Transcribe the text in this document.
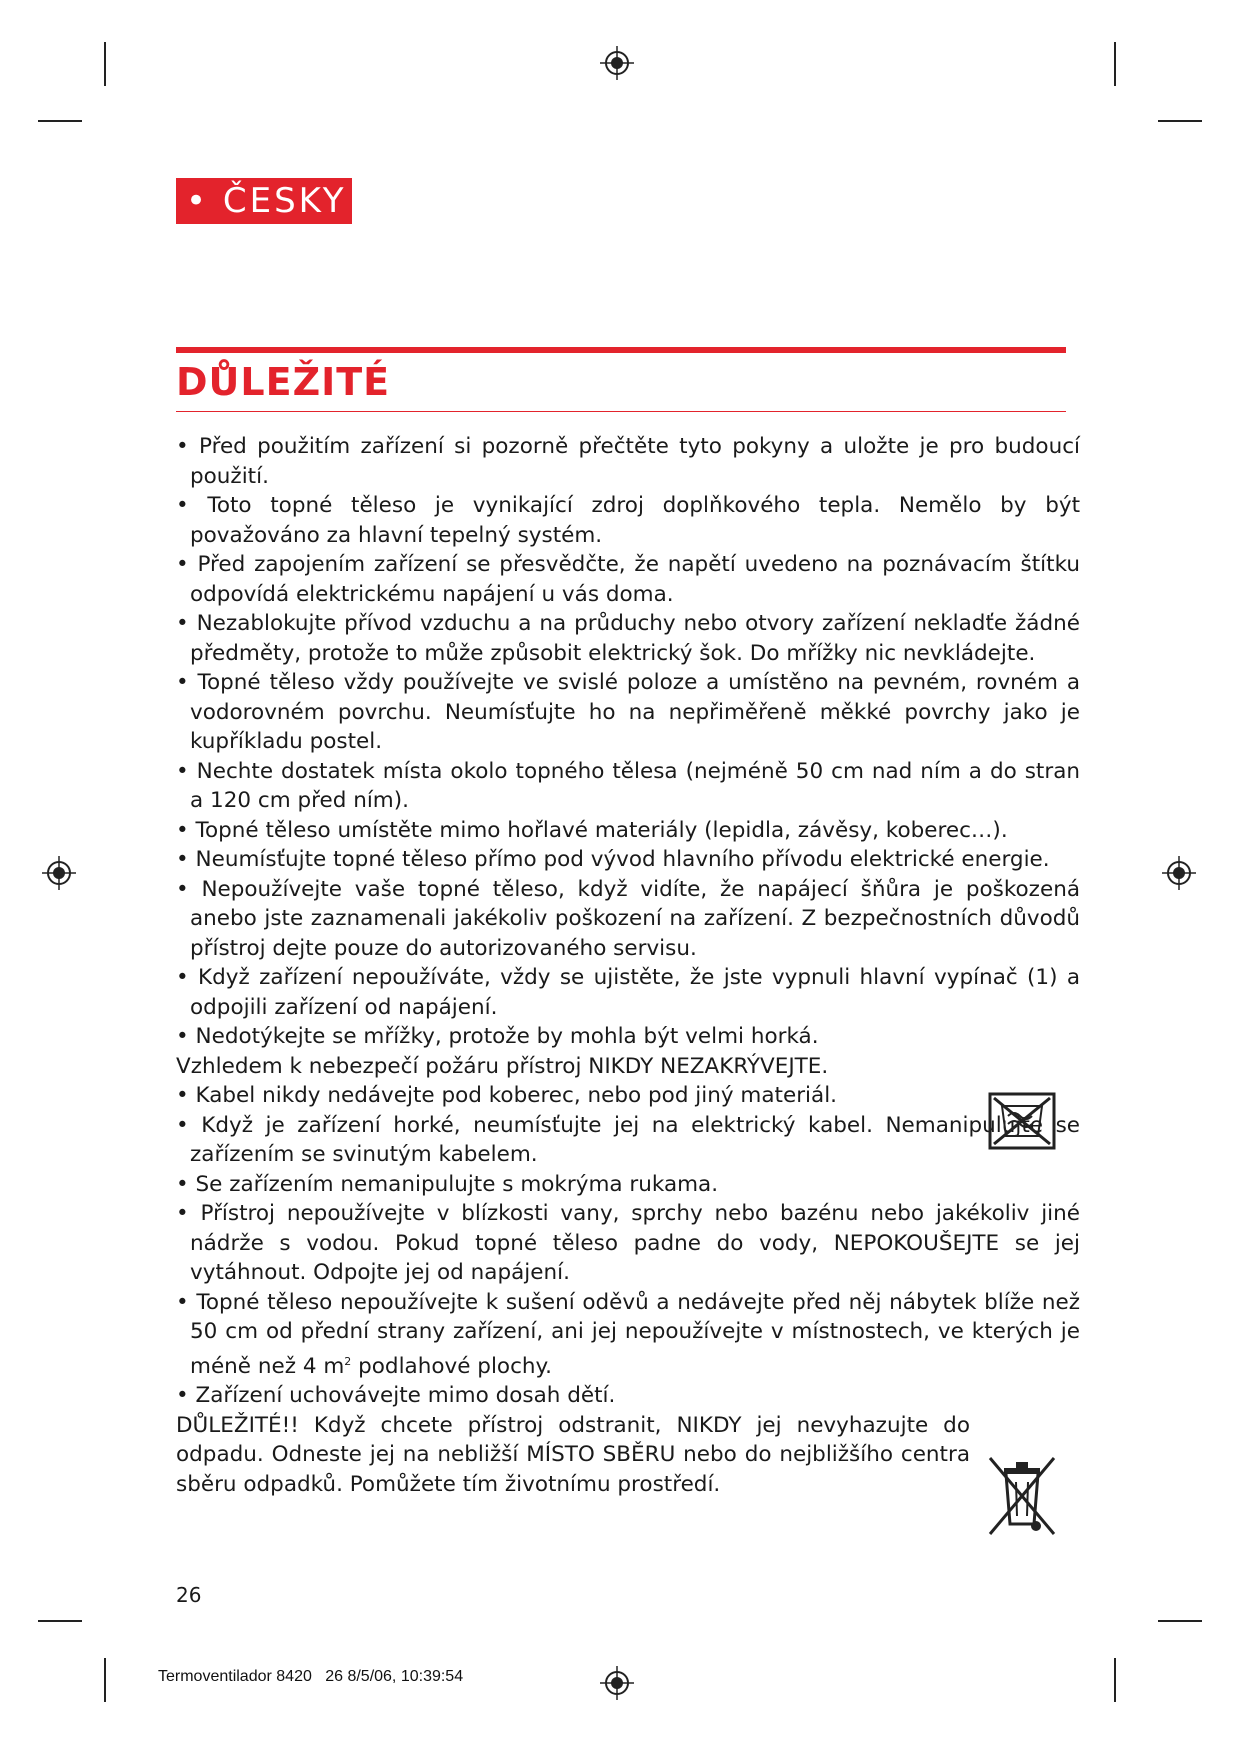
• ČESKY
DŮLEŽITÉ

• Před použitím zařízení si pozorně přečtěte tyto pokyny a uložte je pro budoucí použití.

• Toto topné těleso je vynikající zdroj doplňkového tepla. Nemělo by být považováno za hlavní tepelný systém.

• Před zapojením zařízení se přesvědčte, že napětí uvedeno na poznávacím štítku odpovídá elektrickému napájení u vás doma.

• Nezablokujte přívod vzduchu a na průduchy nebo otvory zařízení nekladťe žádné předměty, protože to může způsobit elektrický šok. Do mřížky nic nevkládejte.

• Topné těleso vždy používejte ve svislé poloze a umístěno na pevném, rovném a vodorovném povrchu. Neumísťujte ho na nepřiměřeně měkké povrchy jako je kupříkladu postel.

• Nechte dostatek místa okolo topného tělesa (nejméně 50 cm nad ním a do stran a 120 cm před ním).

• Topné těleso umístěte mimo hořlavé materiály (lepidla, závěsy, koberec…).

• Neumísťujte topné těleso přímo pod vývod hlavního přívodu elektrické energie.

• Nepoužívejte vaše topné těleso, když vidíte, že napájecí šňůra je poškozená anebo jste zaznamenali jakékoliv poškození na zařízení. Z bezpečnostních důvodů přístroj dejte pouze do autorizovaného servisu.

• Když zařízení nepoužíváte, vždy se ujistěte, že jste vypnuli hlavní vypínač (1) a odpojili zařízení od napájení.

• Nedotýkejte se mřížky, protože by mohla být velmi horká.

Vzhledem k nebezpečí požáru přístroj NIKDY NEZAKRÝVEJTE.

• Kabel nikdy nedávejte pod koberec, nebo pod jiný materiál.

• Když je zařízení horké, neumísťujte jej na elektrický kabel. Nemanipulujte se zařízením se svinutým kabelem.

• Se zařízením nemanipulujte s mokrýma rukama.

• Přístroj nepoužívejte v blízkosti vany, sprchy nebo bazénu nebo jakékoliv jiné nádrže s vodou. Pokud topné těleso padne do vody, NEPOKOUŠEJTE se jej vytáhnout. Odpojte jej od napájení.

• Topné těleso nepoužívejte k sušení oděvů a nedávejte před něj nábytek blíže než 50 cm od přední strany zařízení, ani jej nepoužívejte v místnostech, ve kterých je méně než 4 $m^2$ podlahové plochy.

• Zařízení uchovávejte mimo dosah dětí.

DŮLEŽITÉ!! Když chcete přístroj odstranit, NIKDY jej nevyhazujte do odpadu. Odneste jej na nebližší MÍSTO SBĚRU nebo do nejbližšího centra sběru odpadků. Pomůžete tím životnímu prostředí.

26
Termoventilador 8420   26 8/5/06, 10:39:54
